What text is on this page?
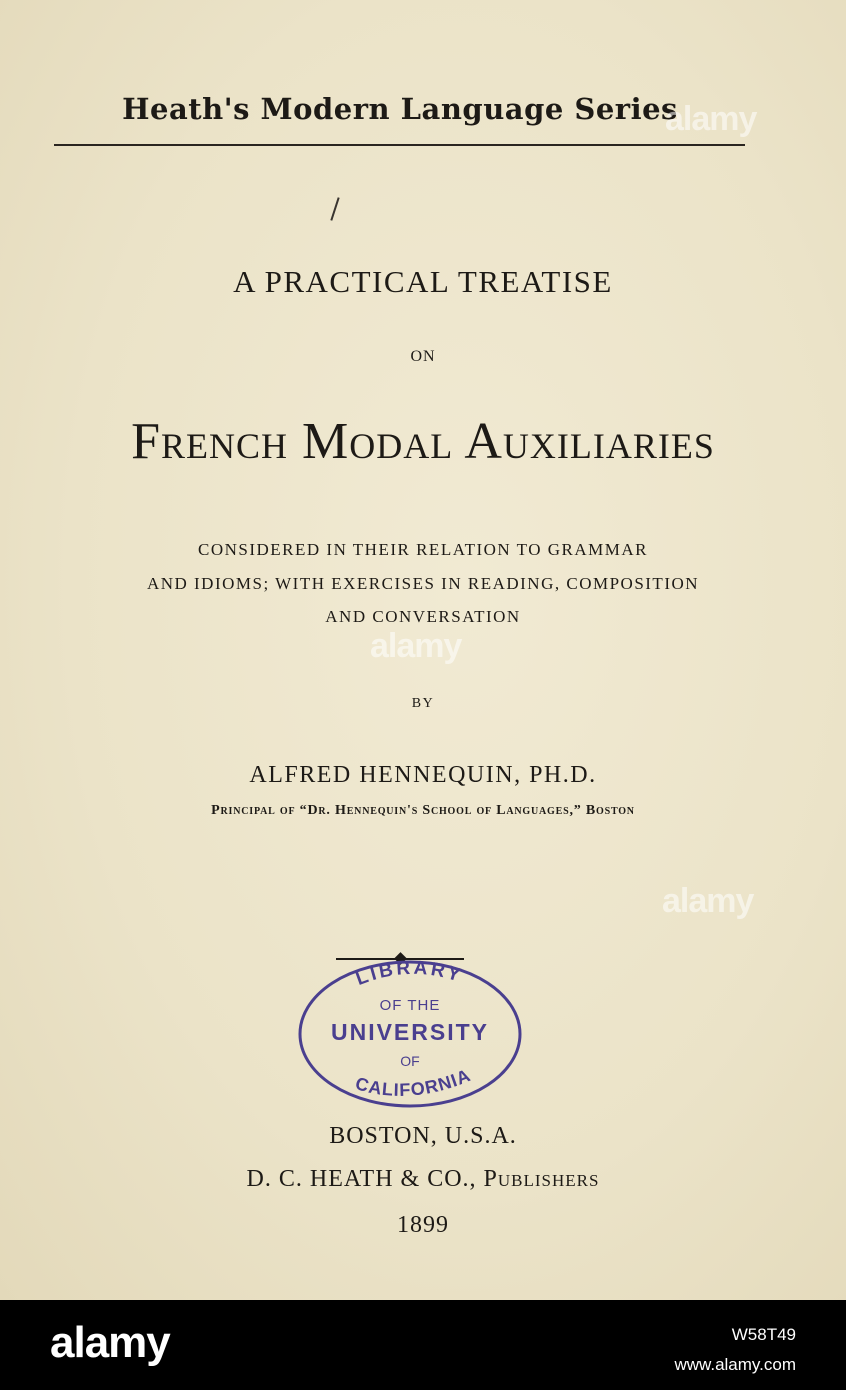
Heath's Modern Language Series
A PRACTICAL TREATISE
ON
French Modal Auxiliaries
CONSIDERED IN THEIR RELATION TO GRAMMAR
AND IDIOMS; WITH EXERCISES IN READING, COMPOSITION
AND CONVERSATION
BY
ALFRED HENNEQUIN, PH.D.
Principal of “Dr. Hennequin's School of Languages,” Boston
LIBRARY
OF THE
UNIVERSITY
OF
CALIFORNIA
BOSTON, U.S.A.
D. C. HEATH & CO., Publishers
1899
alamy
alamy
alamy
alamy	W58T49
www.alamy.com
